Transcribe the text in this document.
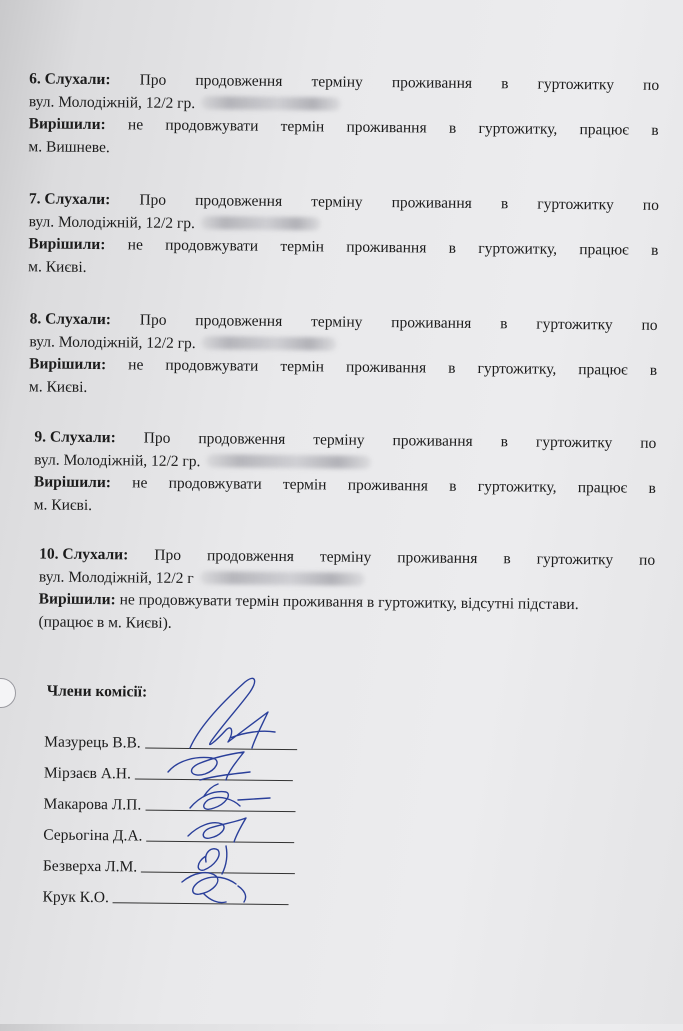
6. Слухали: Про продовження терміну проживання в гуртожитку по
вул. Молодіжній, 12/2 гр.
Вирішили: не продовжувати термін проживання в гуртожитку, працює в
м. Вишневе.
7. Слухали: Про продовження терміну проживання в гуртожитку по
вул. Молодіжній, 12/2 гр.
Вирішили: не продовжувати термін проживання в гуртожитку, працює в
м. Києві.
8. Слухали: Про продовження терміну проживання в гуртожитку по
вул. Молодіжній, 12/2 гр.
Вирішили: не продовжувати термін проживання в гуртожитку, працює в
м. Києві.
9. Слухали: Про продовження терміну проживання в гуртожитку по
вул. Молодіжній, 12/2 гр.
Вирішили: не продовжувати термін проживання в гуртожитку, працює в
м. Києві.
10. Слухали: Про продовження терміну проживання в гуртожитку по
вул. Молодіжній, 12/2 г
Вирішили: не продовжувати термін проживання в гуртожитку, відсутні підстави.
(працює в м. Києві).
Члени комісії:
Мазурець В.В.
Мірзаєв А.Н.
Макарова Л.П.
Серьогіна Д.А.
Безверха Л.М.
Крук К.О.
